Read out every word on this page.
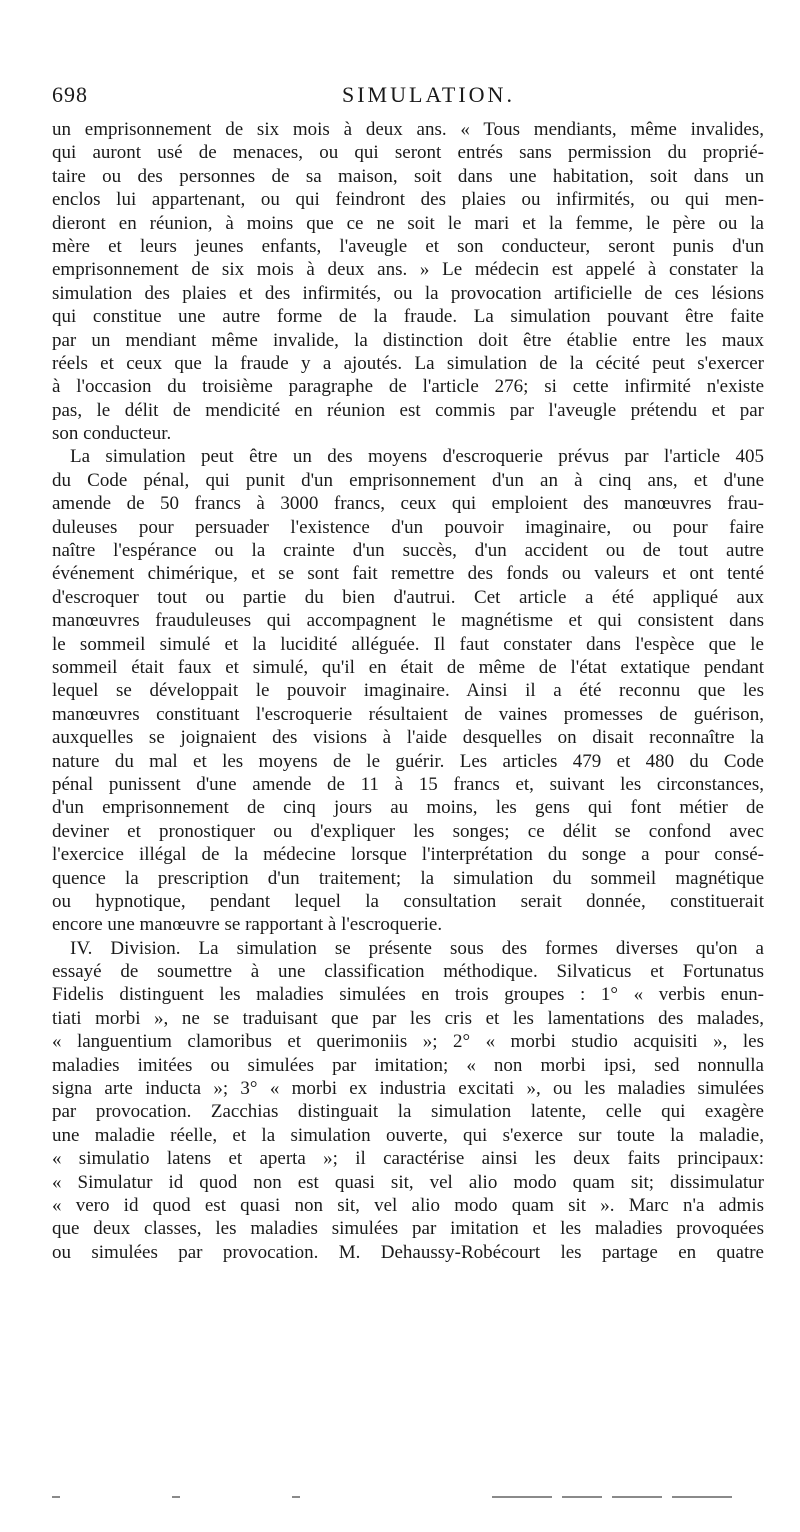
698	SIMULATION.
un emprisonnement de six mois à deux ans. « Tous mendiants, même invalides,
qui auront usé de menaces, ou qui seront entrés sans permission du proprié-
taire ou des personnes de sa maison, soit dans une habitation, soit dans un
enclos lui appartenant, ou qui feindront des plaies ou infirmités, ou qui men-
dieront en réunion, à moins que ce ne soit le mari et la femme, le père ou la
mère et leurs jeunes enfants, l'aveugle et son conducteur, seront punis d'un
emprisonnement de six mois à deux ans. » Le médecin est appelé à constater la
simulation des plaies et des infirmités, ou la provocation artificielle de ces lésions
qui constitue une autre forme de la fraude. La simulation pouvant être faite
par un mendiant même invalide, la distinction doit être établie entre les maux
réels et ceux que la fraude y a ajoutés. La simulation de la cécité peut s'exercer
à l'occasion du troisième paragraphe de l'article 276; si cette infirmité n'existe
pas, le délit de mendicité en réunion est commis par l'aveugle prétendu et par
son conducteur.
La simulation peut être un des moyens d'escroquerie prévus par l'article 405
du Code pénal, qui punit d'un emprisonnement d'un an à cinq ans, et d'une
amende de 50 francs à 3000 francs, ceux qui emploient des manœuvres frau-
duleuses pour persuader l'existence d'un pouvoir imaginaire, ou pour faire
naître l'espérance ou la crainte d'un succès, d'un accident ou de tout autre
événement chimérique, et se sont fait remettre des fonds ou valeurs et ont tenté
d'escroquer tout ou partie du bien d'autrui. Cet article a été appliqué aux
manœuvres frauduleuses qui accompagnent le magnétisme et qui consistent dans
le sommeil simulé et la lucidité alléguée. Il faut constater dans l'espèce que le
sommeil était faux et simulé, qu'il en était de même de l'état extatique pendant
lequel se développait le pouvoir imaginaire. Ainsi il a été reconnu que les
manœuvres constituant l'escroquerie résultaient de vaines promesses de guérison,
auxquelles se joignaient des visions à l'aide desquelles on disait reconnaître la
nature du mal et les moyens de le guérir. Les articles 479 et 480 du Code
pénal punissent d'une amende de 11 à 15 francs et, suivant les circonstances,
d'un emprisonnement de cinq jours au moins, les gens qui font métier de
deviner et pronostiquer ou d'expliquer les songes; ce délit se confond avec
l'exercice illégal de la médecine lorsque l'interprétation du songe a pour consé-
quence la prescription d'un traitement; la simulation du sommeil magnétique
ou hypnotique, pendant lequel la consultation serait donnée, constituerait
encore une manœuvre se rapportant à l'escroquerie.
IV. Division. La simulation se présente sous des formes diverses qu'on a
essayé de soumettre à une classification méthodique. Silvaticus et Fortunatus
Fidelis distinguent les maladies simulées en trois groupes : 1° « verbis enun-
tiati morbi », ne se traduisant que par les cris et les lamentations des malades,
« languentium clamoribus et querimoniis »; 2° « morbi studio acquisiti », les
maladies imitées ou simulées par imitation; « non morbi ipsi, sed nonnulla
signa arte inducta »; 3° « morbi ex industria excitati », ou les maladies simulées
par provocation. Zacchias distinguait la simulation latente, celle qui exagère
une maladie réelle, et la simulation ouverte, qui s'exerce sur toute la maladie,
« simulatio latens et aperta »; il caractérise ainsi les deux faits principaux:
« Simulatur id quod non est quasi sit, vel alio modo quam sit; dissimulatur
« vero id quod est quasi non sit, vel alio modo quam sit ». Marc n'a admis
que deux classes, les maladies simulées par imitation et les maladies provoquées
ou simulées par provocation. M. Dehaussy-Robécourt les partage en quatre
